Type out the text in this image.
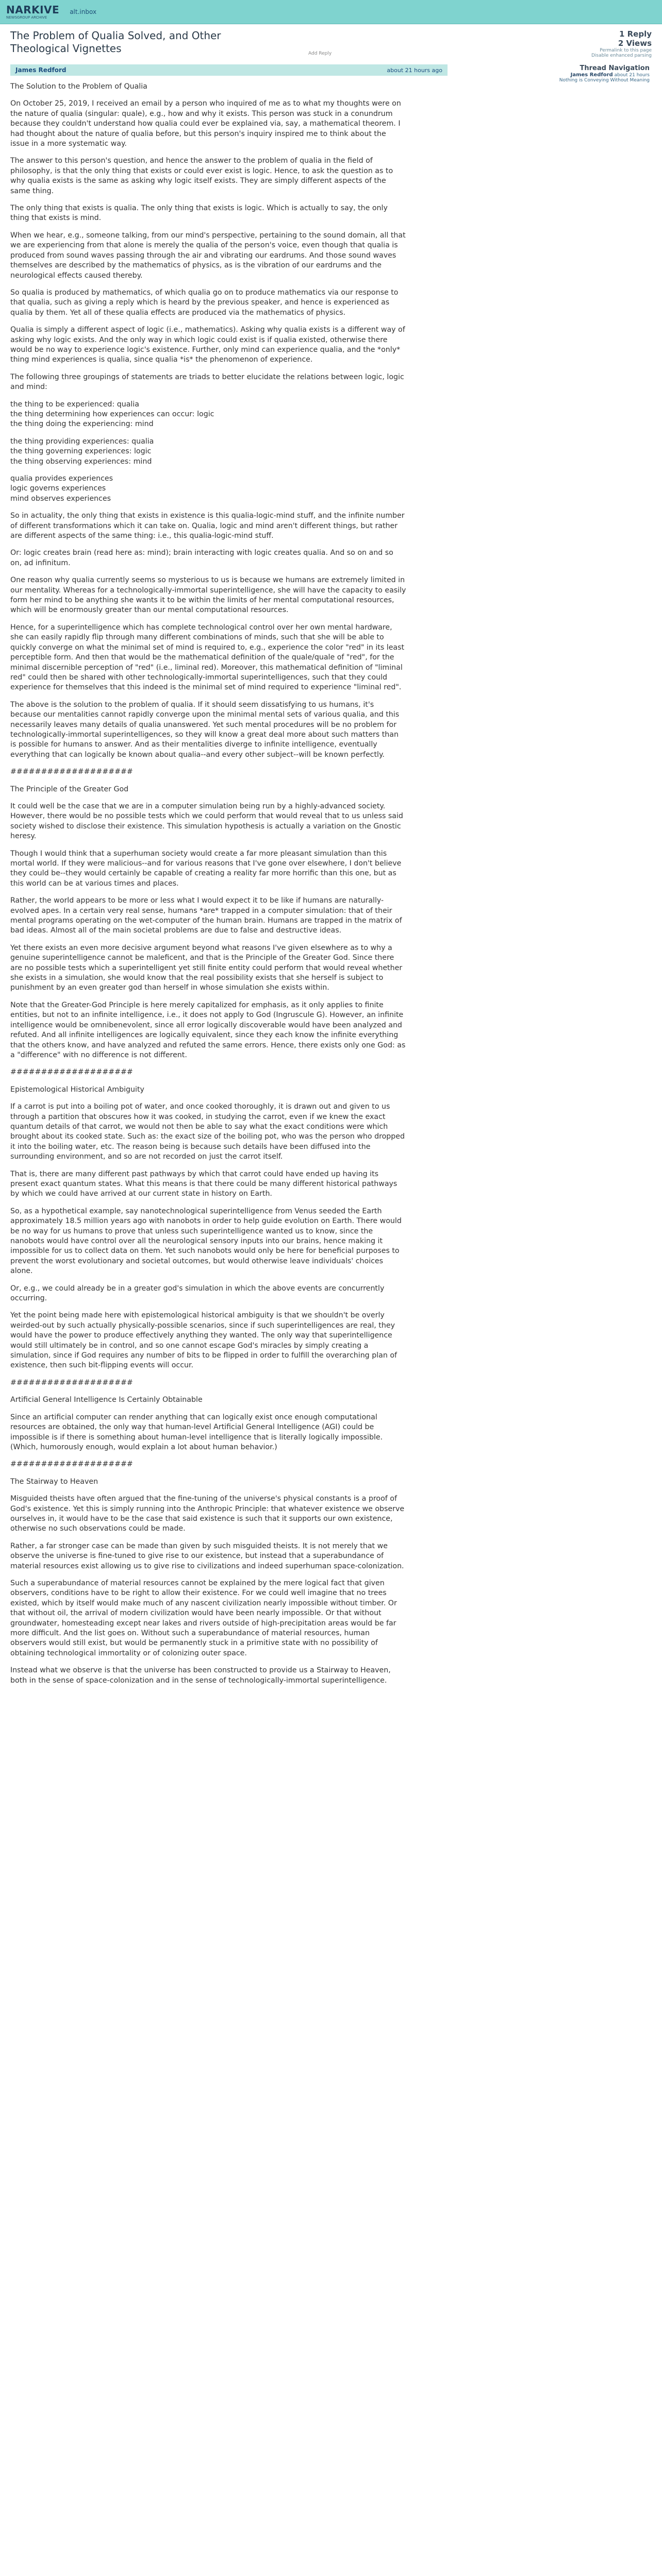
NARKIVE
NEWSGROUP ARCHIVE
alt.inbox
The Problem of Qualia Solved, and Other Theological Vignettes	Add Reply
1 Reply
2 Views
Permalink to this page
Disable enhanced parsing
James Redford	about 21 hours ago

The Solution to the Problem of Qualia

On October 25, 2019, I received an email by a person who inquired of me as to what my thoughts were on the nature of qualia (singular: quale), e.g., how and why it exists. This person was stuck in a conundrum because they couldn't understand how qualia could ever be explained via, say, a mathematical theorem. I had thought about the nature of qualia before, but this person's inquiry inspired me to think about the issue in a more systematic way.

The answer to this person's question, and hence the answer to the problem of qualia in the field of philosophy, is that the only thing that exists or could ever exist is logic. Hence, to ask the question as to why qualia exists is the same as asking why logic itself exists. They are simply different aspects of the same thing.

The only thing that exists is qualia. The only thing that exists is logic. Which is actually to say, the only thing that exists is mind.

When we hear, e.g., someone talking, from our mind's perspective, pertaining to the sound domain, all that we are experiencing from that alone is merely the qualia of the person's voice, even though that qualia is produced from sound waves passing through the air and vibrating our eardrums. And those sound waves themselves are described by the mathematics of physics, as is the vibration of our eardrums and the neurological effects caused thereby.

So qualia is produced by mathematics, of which qualia go on to produce mathematics via our response to that qualia, such as giving a reply which is heard by the previous speaker, and hence is experienced as qualia by them. Yet all of these qualia effects are produced via the mathematics of physics.

Qualia is simply a different aspect of logic (i.e., mathematics). Asking why qualia exists is a different way of asking why logic exists. And the only way in which logic could exist is if qualia existed, otherwise there would be no way to experience logic's existence. Further, only mind can experience qualia, and the *only* thing mind experiences is qualia, since qualia *is* the phenomenon of experience.

The following three groupings of statements are triads to better elucidate the relations between logic, logic and mind:

the thing to be experienced: qualia
the thing determining how experiences can occur: logic
the thing doing the experiencing: mind

the thing providing experiences: qualia
the thing governing experiences: logic
the thing observing experiences: mind

qualia provides experiences
logic governs experiences
mind observes experiences

So in actuality, the only thing that exists in existence is this qualia-logic-mind stuff, and the infinite number of different transformations which it can take on. Qualia, logic and mind aren't different things, but rather are different aspects of the same thing: i.e., this qualia-logic-mind stuff.

Or: logic creates brain (read here as: mind); brain interacting with logic creates qualia. And so on and so on, ad infinitum.

One reason why qualia currently seems so mysterious to us is because we humans are extremely limited in our mentality. Whereas for a technologically-immortal superintelligence, she will have the capacity to easily form her mind to be anything she wants it to be within the limits of her mental computational resources, which will be enormously greater than our mental computational resources.

Hence, for a superintelligence which has complete technological control over her own mental hardware, she can easily rapidly flip through many different combinations of minds, such that she will be able to quickly converge on what the minimal set of mind is required to, e.g., experience the color "red" in its least perceptible form. And then that would be the mathematical definition of the quale/quale of "red", for the minimal discernible perception of "red" (i.e., liminal red). Moreover, this mathematical definition of "liminal red" could then be shared with other technologically-immortal superintelligences, such that they could experience for themselves that this indeed is the minimal set of mind required to experience "liminal red".

The above is the solution to the problem of qualia. If it should seem dissatisfying to us humans, it's because our mentalities cannot rapidly converge upon the minimal mental sets of various qualia, and this necessarily leaves many details of qualia unanswered. Yet such mental procedures will be no problem for technologically-immortal superintelligences, so they will know a great deal more about such matters than is possible for humans to answer. And as their mentalities diverge to infinite intelligence, eventually everything that can logically be known about qualia--and every other subject--will be known perfectly.

####################

The Principle of the Greater God

It could well be the case that we are in a computer simulation being run by a highly-advanced society. However, there would be no possible tests which we could perform that would reveal that to us unless said society wished to disclose their existence. This simulation hypothesis is actually a variation on the Gnostic heresy.

Though I would think that a superhuman society would create a far more pleasant simulation than this mortal world. If they were malicious--and for various reasons that I've gone over elsewhere, I don't believe they could be--they would certainly be capable of creating a reality far more horrific than this one, but as this world can be at various times and places.

Rather, the world appears to be more or less what I would expect it to be like if humans are naturally-evolved apes. In a certain very real sense, humans *are* trapped in a computer simulation: that of their mental programs operating on the wet-computer of the human brain. Humans are trapped in the matrix of bad ideas. Almost all of the main societal problems are due to false and destructive ideas.

Yet there exists an even more decisive argument beyond what reasons I've given elsewhere as to why a genuine superintelligence cannot be maleficent, and that is the Principle of the Greater God. Since there are no possible tests which a superintelligent yet still finite entity could perform that would reveal whether she exists in a simulation, she would know that the real possibility exists that she herself is subject to punishment by an even greater god than herself in whose simulation she exists within.

Note that the Greater-God Principle is here merely capitalized for emphasis, as it only applies to finite entities, but not to an infinite intelligence, i.e., it does not apply to God (Ingruscule G). However, an infinite intelligence would be omnibenevolent, since all error logically discoverable would have been analyzed and refuted. And all infinite intelligences are logically equivalent, since they each know the infinite everything that the others know, and have analyzed and refuted the same errors. Hence, there exists only one God: as a "difference" with no difference is not different.

####################

Epistemological Historical Ambiguity

If a carrot is put into a boiling pot of water, and once cooked thoroughly, it is drawn out and given to us through a partition that obscures how it was cooked, in studying the carrot, even if we knew the exact quantum details of that carrot, we would not then be able to say what the exact conditions were which brought about its cooked state. Such as: the exact size of the boiling pot, who was the person who dropped it into the boiling water, etc. The reason being is because such details have been diffused into the surrounding environment, and so are not recorded on just the carrot itself.

That is, there are many different past pathways by which that carrot could have ended up having its present exact quantum states. What this means is that there could be many different historical pathways by which we could have arrived at our current state in history on Earth.

So, as a hypothetical example, say nanotechnological superintelligence from Venus seeded the Earth approximately 18.5 million years ago with nanobots in order to help guide evolution on Earth. There would be no way for us humans to prove that unless such superintelligence wanted us to know, since the nanobots would have control over all the neurological sensory inputs into our brains, hence making it impossible for us to collect data on them. Yet such nanobots would only be here for beneficial purposes to prevent the worst evolutionary and societal outcomes, but would otherwise leave individuals' choices alone.

Or, e.g., we could already be in a greater god's simulation in which the above events are concurrently occurring.

Yet the point being made here with epistemological historical ambiguity is that we shouldn't be overly weirded-out by such actually physically-possible scenarios, since if such superintelligences are real, they would have the power to produce effectively anything they wanted. The only way that superintelligence would still ultimately be in control, and so one cannot escape God's miracles by simply creating a simulation, since if God requires any number of bits to be flipped in order to fulfill the overarching plan of existence, then such bit-flipping events will occur.

####################

Artificial General Intelligence Is Certainly Obtainable

Since an artificial computer can render anything that can logically exist once enough computational resources are obtained, the only way that human-level Artificial General Intelligence (AGI) could be impossible is if there is something about human-level intelligence that is literally logically impossible. (Which, humorously enough, would explain a lot about human behavior.)

####################

The Stairway to Heaven

Misguided theists have often argued that the fine-tuning of the universe's physical constants is a proof of God's existence. Yet this is simply running into the Anthropic Principle: that whatever existence we observe ourselves in, it would have to be the case that said existence is such that it supports our own existence, otherwise no such observations could be made.

Rather, a far stronger case can be made than given by such misguided theists. It is not merely that we observe the universe is fine-tuned to give rise to our existence, but instead that a superabundance of material resources exist allowing us to give rise to civilizations and indeed superhuman space-colonization.

Such a superabundance of material resources cannot be explained by the mere logical fact that given observers, conditions have to be right to allow their existence. For we could well imagine that no trees existed, which by itself would make much of any nascent civilization nearly impossible without timber. Or that without oil, the arrival of modern civilization would have been nearly impossible. Or that without groundwater, homesteading except near lakes and rivers outside of high-precipitation areas would be far more difficult. And the list goes on. Without such a superabundance of material resources, human observers would still exist, but would be permanently stuck in a primitive state with no possibility of obtaining technological immortality or of colonizing outer space.

Instead what we observe is that the universe has been constructed to provide us a Stairway to Heaven, both in the sense of space-colonization and in the sense of technologically-immortal superintelligence.

Thread Navigation
James Redford about 21 hours
Nothing is Conveying Without Meaning
